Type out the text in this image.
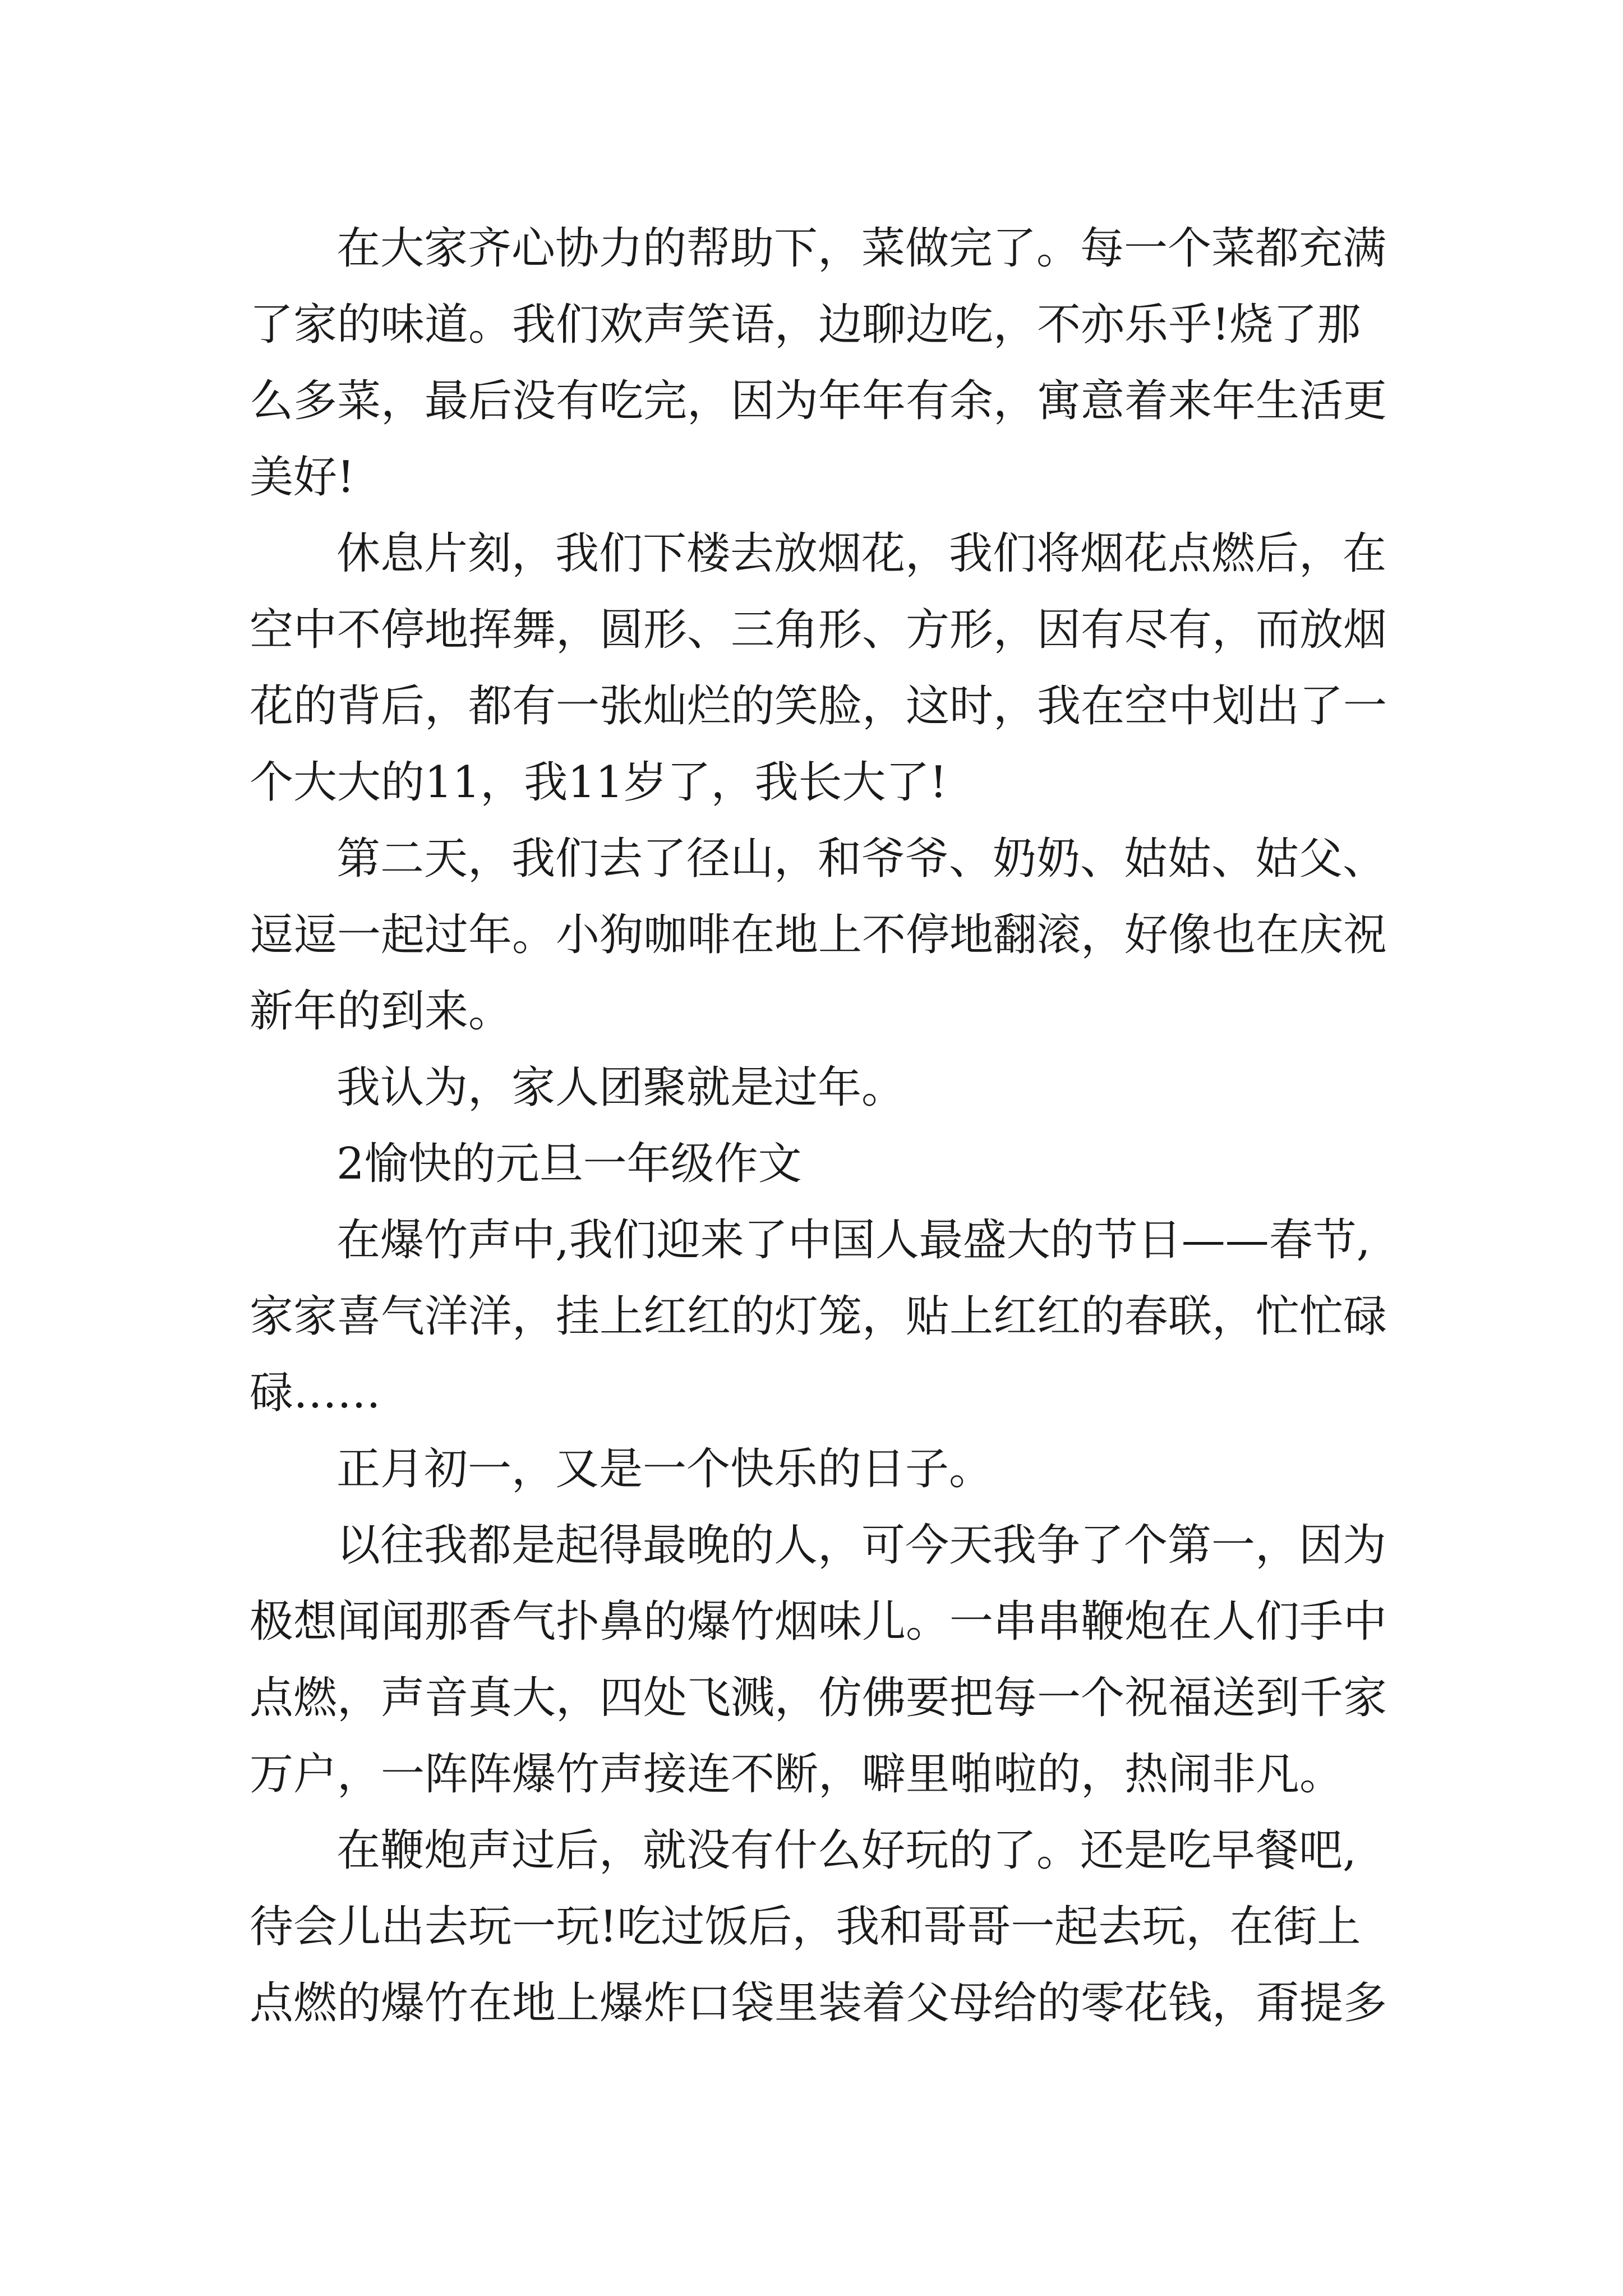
在大家齐心协力的帮助下，菜做完了。每一个菜都充满

了家的味道。我们欢声笑语，边聊边吃，不亦乐乎!烧了那

么多菜，最后没有吃完，因为年年有余，寓意着来年生活更

美好!

休息片刻，我们下楼去放烟花，我们将烟花点燃后，在

空中不停地挥舞，圆形、三角形、方形，因有尽有，而放烟

花的背后，都有一张灿烂的笑脸，这时，我在空中划出了一

个大大的11，我11岁了，我长大了!

第二天，我们去了径山，和爷爷、奶奶、姑姑、姑父、

逗逗一起过年。小狗咖啡在地上不停地翻滚，好像也在庆祝

新年的到来。

我认为，家人团聚就是过年。

2愉快的元旦一年级作文

在爆竹声中,我们迎来了中国人最盛大的节日——春节,

家家喜气洋洋，挂上红红的灯笼，贴上红红的春联，忙忙碌

碌……

正月初一，又是一个快乐的日子。

以往我都是起得最晚的人，可今天我争了个第一，因为

极想闻闻那香气扑鼻的爆竹烟味儿。一串串鞭炮在人们手中

点燃，声音真大，四处飞溅，仿佛要把每一个祝福送到千家

万户，一阵阵爆竹声接连不断，噼里啪啦的，热闹非凡。

在鞭炮声过后，就没有什么好玩的了。还是吃早餐吧,

待会儿出去玩一玩!吃过饭后，我和哥哥一起去玩，在街上

点燃的爆竹在地上爆炸口袋里装着父母给的零花钱，甭提多
